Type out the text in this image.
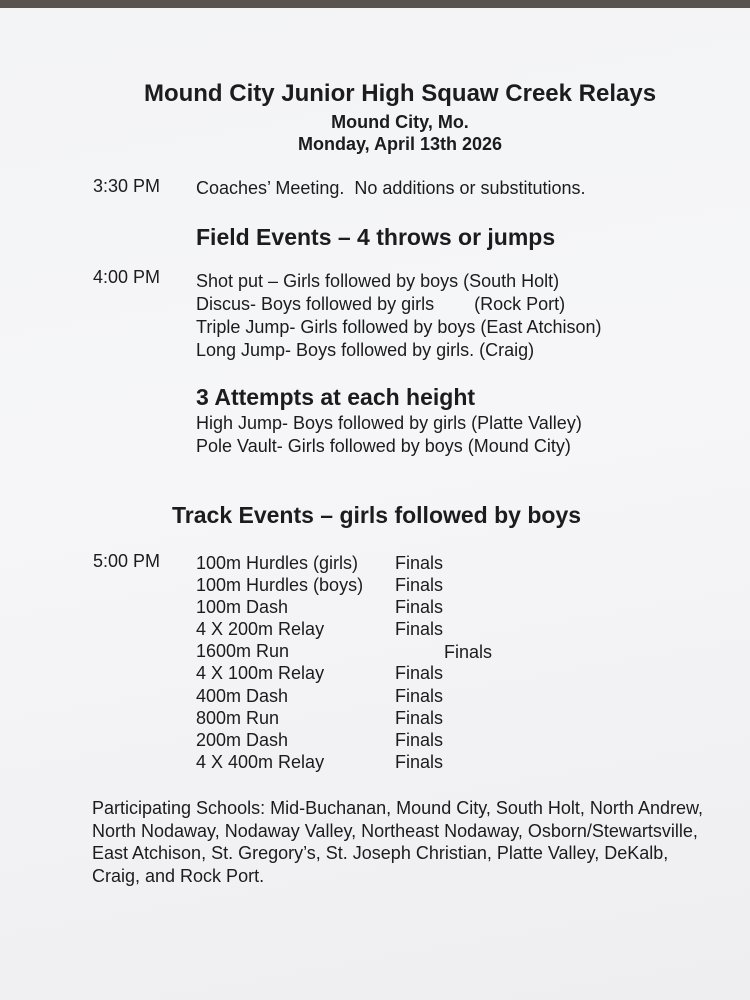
Mound City Junior High Squaw Creek Relays
Mound City, Mo.
Monday, April 13th 2026
3:30 PM Coaches’ Meeting.  No additions or substitutions.
Field Events – 4 throws or jumps
4:00 PM Shot put – Girls followed by boys (South Holt)
Discus- Boys followed by girls        (Rock Port)
Triple Jump- Girls followed by boys (East Atchison)
Long Jump- Boys followed by girls. (Craig)
3 Attempts at each height
High Jump- Boys followed by girls (Platte Valley)
Pole Vault- Girls followed by boys (Mound City)
Track Events – girls followed by boys
5:00 PM 100m Hurdles (girls) Finals
100m Hurdles (boys) Finals
100m Dash	Finals
4 X 200m Relay	Finals
1600m Run	Finals
4 X 100m Relay	Finals
400m Dash	Finals
800m Run	Finals
200m Dash	Finals
4 X 400m Relay	Finals
Participating Schools: Mid-Buchanan, Mound City, South Holt, North Andrew, North Nodaway, Nodaway Valley, Northeast Nodaway, Osborn/Stewartsville, East Atchison, St. Gregory’s, St. Joseph Christian, Platte Valley, DeKalb, Craig, and Rock Port.
